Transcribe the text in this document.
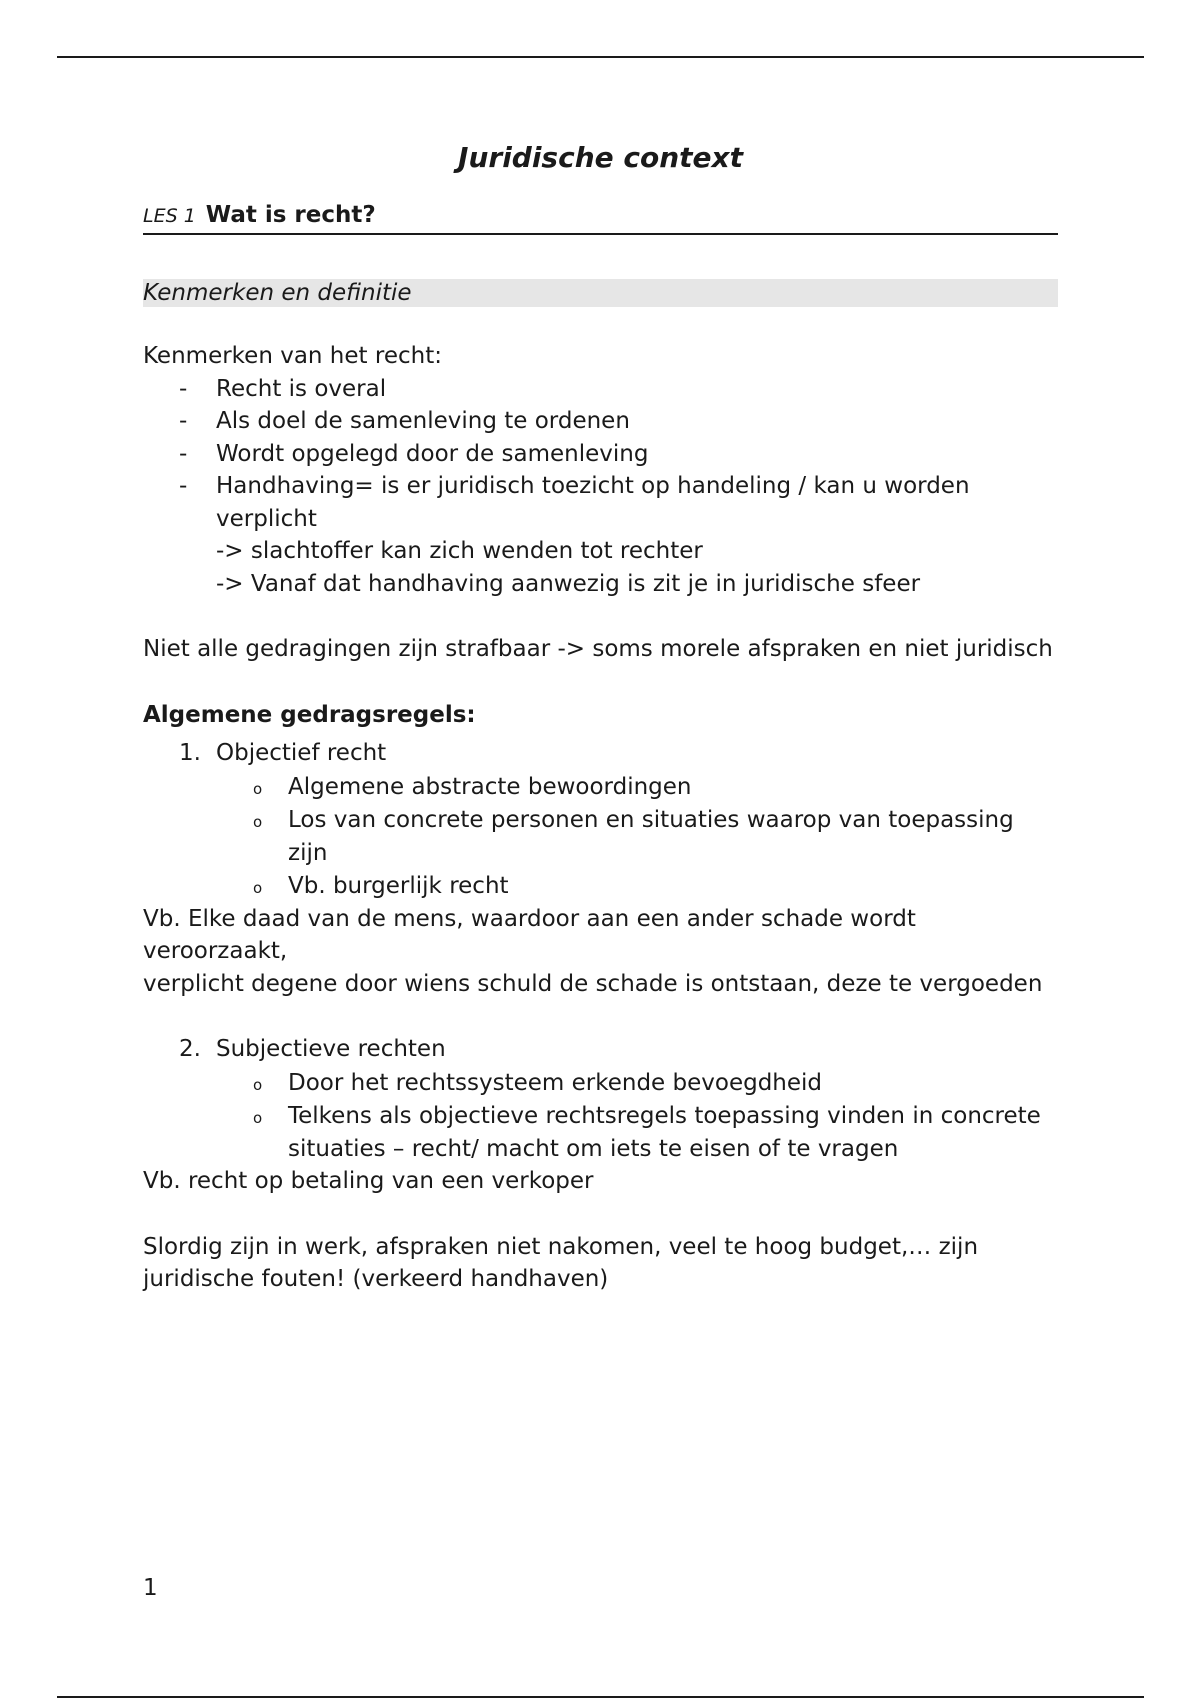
Juridische context
LES 1 Wat is recht?
Kenmerken en definitie

Kenmerken van het recht:

- Recht is overal
- Als doel de samenleving te ordenen
- Wordt opgelegd door de samenleving
- Handhaving= is er juridisch toezicht op handeling / kan u worden verplicht
-> slachtoffer kan zich wenden tot rechter
-> Vanaf dat handhaving aanwezig is zit je in juridische sfeer

Niet alle gedragingen zijn strafbaar -> soms morele afspraken en niet juridisch

Algemene gedragsregels:

1. Objectief recht
o Algemene abstracte bewoordingen
o Los van concrete personen en situaties waarop van toepassing zijn
o Vb. burgerlijk recht

Vb. Elke daad van de mens, waardoor aan een ander schade wordt veroorzaakt,

verplicht degene door wiens schuld de schade is ontstaan, deze te vergoeden

2. Subjectieve rechten
o Door het rechtssysteem erkende bevoegdheid
o Telkens als objectieve rechtsregels toepassing vinden in concrete situaties – recht/ macht om iets te eisen of te vragen

Vb. recht op betaling van een verkoper

Slordig zijn in werk, afspraken niet nakomen, veel te hoog budget,… zijn juridische fouten! (verkeerd handhaven)

1
